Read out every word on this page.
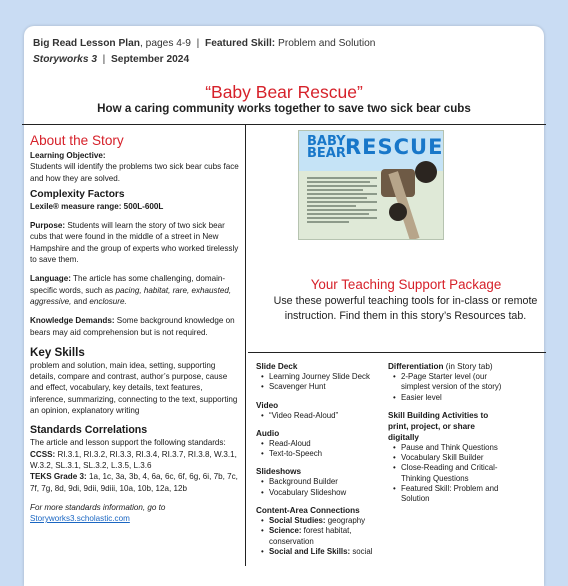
Big Read Lesson Plan, pages 4-9 | Featured Skill: Problem and Solution
Storyworks 3 | September 2024
“Baby Bear Rescue”
How a caring community works together to save two sick bear cubs
About the Story

Learning Objective:

Students will identify the problems two sick bear cubs face and how they are solved.

Complexity Factors

Lexile® measure range: 500L-600L

Purpose: Students will learn the story of two sick bear cubs that were found in the middle of a street in New Hampshire and the group of experts who worked tirelessly to save them.

Language: The article has some challenging, domain-specific words, such as pacing, habitat, rare, exhausted, aggressive, and enclosure.

Knowledge Demands: Some background knowledge on bears may aid comprehension but is not required.

Key Skills

problem and solution, main idea, setting, supporting details, compare and contrast, author’s purpose, cause and effect, vocabulary, key details, text features, inference, summarizing, connecting to the text, supporting an opinion, explanatory writing

Standards Correlations

The article and lesson support the following standards:

CCSS: RI.3.1, RI.3.2, RI.3.3, RI.3.4, RI.3.7, RI.3.8, W.3.1, W.3.2, SL.3.1, SL.3.2, L.3.5, L.3.6

TEKS Grade 3: 1a, 1c, 3a, 3b, 4, 6a, 6c, 6f, 6g, 6i, 7b, 7c, 7f, 7g, 8d, 9di, 9dii, 9diii, 10a, 10b, 12a, 12b

For more standards information, go to

Storyworks3.scholastic.com

BABY BEAR RESCUE
Your Teaching Support Package
Use these powerful teaching tools for in-class or remote instruction. Find them in this story’s Resources tab.
Slide Deck
• Learning Journey Slide Deck
• Scavenger Hunt
Video
• “Video Read-Aloud”
Audio
• Read-Aloud
• Text-to-Speech
Slideshows
• Background Builder
• Vocabulary Slideshow
Content-Area Connections
• Social Studies: geography
• Science: forest habitat, conservation
• Social and Life Skills: social
Differentiation (in Story tab)
• 2-Page Starter level (our simplest version of the story)
• Easier level
Skill Building Activities to print, project, or share digitally
• Pause and Think Questions
• Vocabulary Skill Builder
• Close-Reading and Critical-Thinking Questions
• Featured Skill: Problem and Solution
